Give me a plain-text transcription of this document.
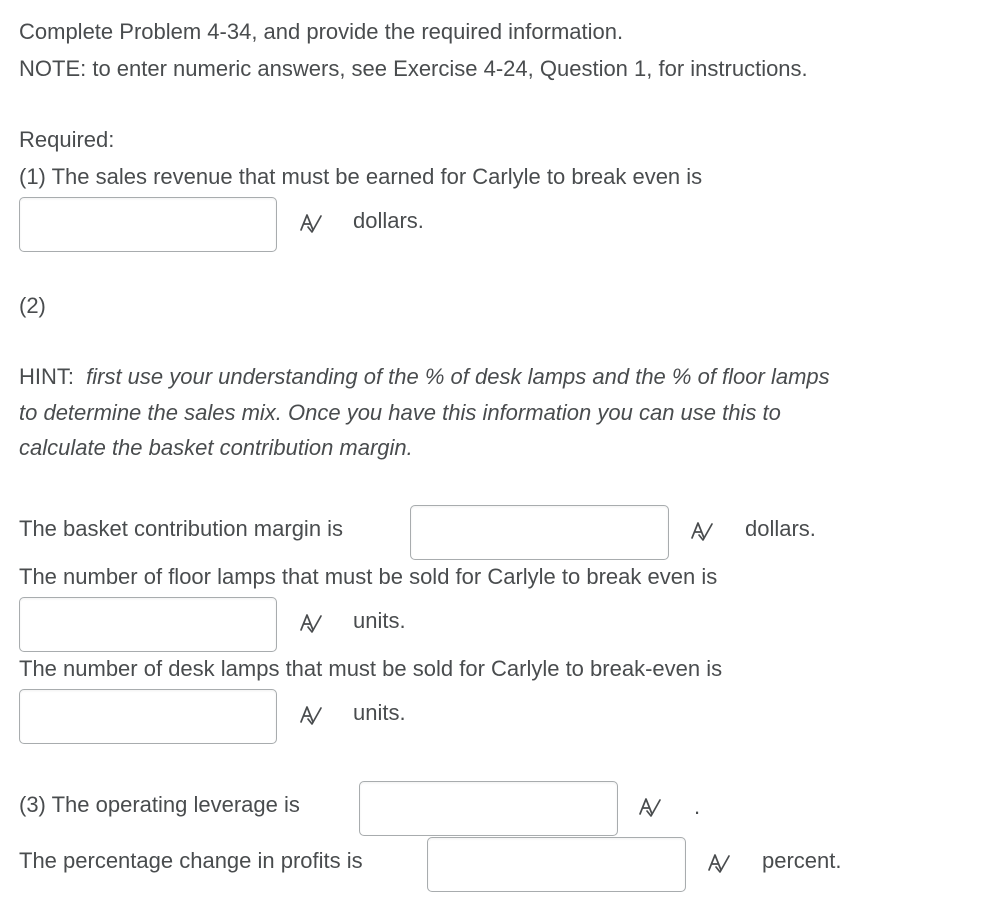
Complete Problem 4-34, and provide the required information.
NOTE: to enter numeric answers, see Exercise 4-24, Question 1, for instructions.
Required:
(1) The sales revenue that must be earned for Carlyle to break even is
dollars.
(2)
HINT: first use your understanding of the % of desk lamps and the % of floor lamps
to determine the sales mix. Once you have this information you can use this to
calculate the basket contribution margin.
The basket contribution margin is	dollars.
The number of floor lamps that must be sold for Carlyle to break even is
units.
The number of desk lamps that must be sold for Carlyle to break-even is
units.
(3) The operating leverage is	.
The percentage change in profits is	percent.
